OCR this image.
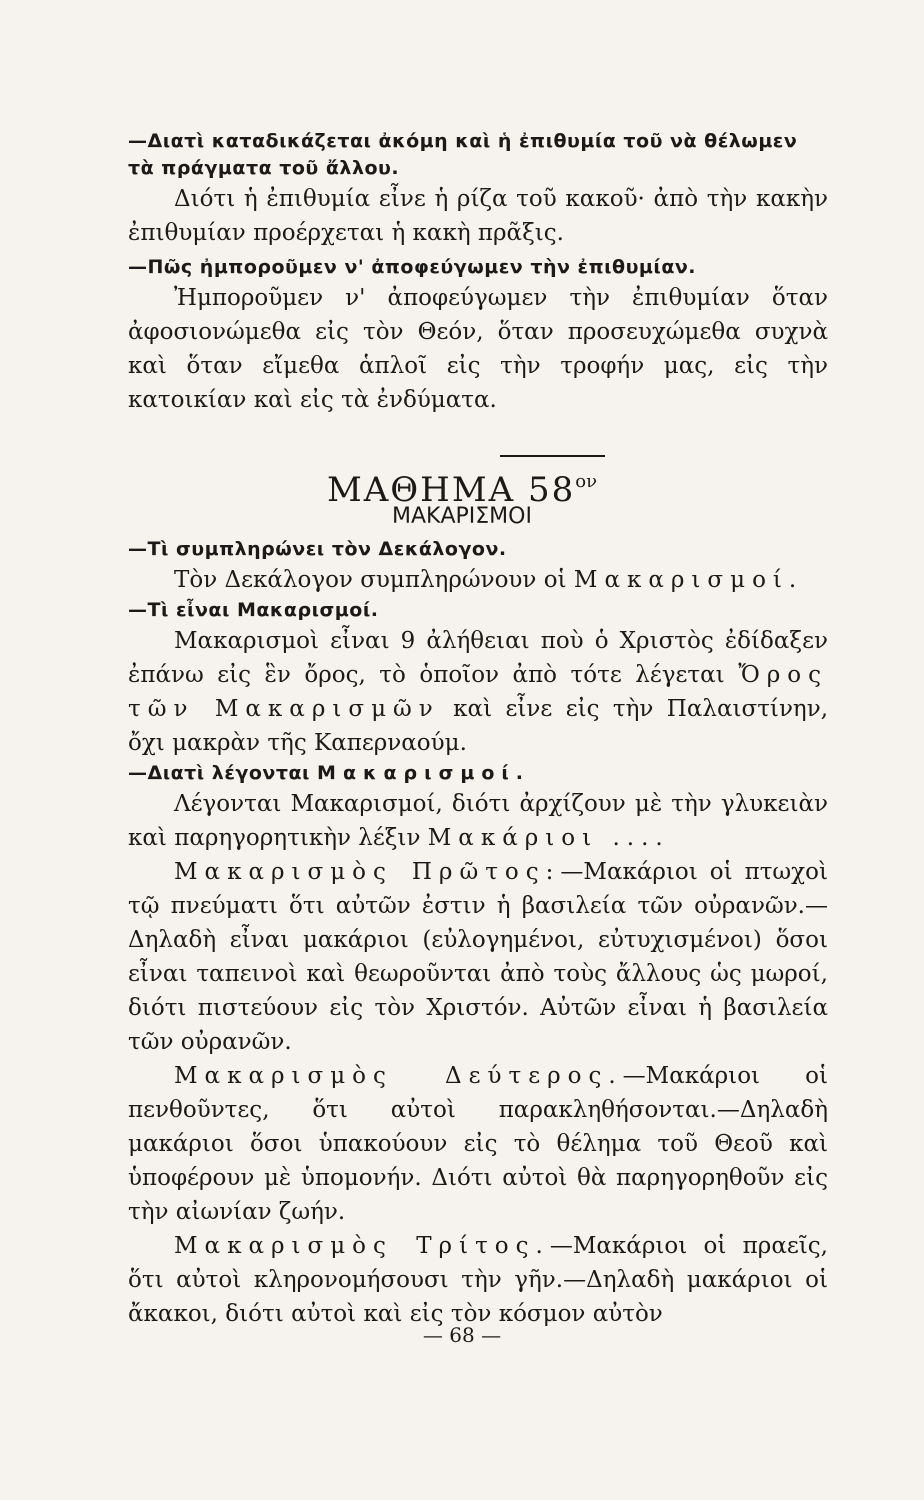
—Διατὶ καταδικάζεται ἀκόμη καὶ ἡ ἐπιθυμία τοῦ νὰ θέλωμεν τὰ πράγματα τοῦ ἄλλου.

Διότι ἡ ἐπιθυμία εἶνε ἡ ρίζα τοῦ κακοῦ· ἀπὸ τὴν κακὴν ἐπιθυμίαν προέρχεται ἡ κακὴ πρᾶξις.

—Πῶς ἠμποροῦμεν ν' ἀποφεύγωμεν τὴν ἐπιθυμίαν.

Ἠμποροῦμεν ν' ἀποφεύγωμεν τὴν ἐπιθυμίαν ὅταν ἀφοσιονώμεθα εἰς τὸν Θεόν, ὅταν προσευχώμεθα συχνὰ καὶ ὅταν εἴμεθα ἁπλοῖ εἰς τὴν τροφήν μας, εἰς τὴν κατοικίαν καὶ εἰς τὰ ἐνδύματα.

ΜΑΘΗΜΑ $58^{o\nu}$
ΜΑΚΑΡΙΣΜΟΙ

—Τὶ συμπληρώνει τὸν Δεκάλογον.

Τὸν Δεκάλογον συμπληρώνουν οἱ Μακαρισμοί.

—Τὶ εἶναι Μακαρισμοί.

Μακαρισμοὶ εἶναι 9 ἀλήθειαι ποὺ ὁ Χριστὸς ἐδίδαξεν ἐπάνω εἰς ἓν ὄρος, τὸ ὁποῖον ἀπὸ τότε λέγεται Ὄρος τῶν Μακαρισμῶν καὶ εἶνε εἰς τὴν Παλαιστίνην, ὄχι μακρὰν τῆς Καπερναούμ.

—Διατὶ λέγονται Μακαρισμοί.

Λέγονται Μακαρισμοί, διότι ἀρχίζουν μὲ τὴν γλυκειὰν καὶ παρηγορητικὴν λέξιν Μακάριοι ....

Μακαρισμὸς Πρῶτος:—Μακάριοι οἱ πτωχοὶ τῷ πνεύματι ὅτι αὐτῶν ἐστιν ἡ βασιλεία τῶν οὐρανῶν.—Δηλαδὴ εἶναι μακάριοι (εὐλογημένοι, εὐτυχισμένοι) ὅσοι εἶναι ταπεινοὶ καὶ θεωροῦνται ἀπὸ τοὺς ἄλλους ὡς μωροί, διότι πιστεύουν εἰς τὸν Χριστόν. Αὐτῶν εἶναι ἡ βασιλεία τῶν οὐρανῶν.

Μακαρισμὸς Δεύτερος.—Μακάριοι οἱ πενθοῦντες, ὅτι αὐτοὶ παρακληθήσονται.—Δηλαδὴ μακάριοι ὅσοι ὑπακούουν εἰς τὸ θέλημα τοῦ Θεοῦ καὶ ὑποφέρουν μὲ ὑπομονήν. Διότι αὐτοὶ θὰ παρηγορηθοῦν εἰς τὴν αἰωνίαν ζωήν.

Μακαρισμὸς Τρίτος.—Μακάριοι οἱ πραεῖς, ὅτι αὐτοὶ κληρονομήσουσι τὴν γῆν.—Δηλαδὴ μακάριοι οἱ ἄκακοι, διότι αὐτοὶ καὶ εἰς τὸν κόσμον αὐτὸν

— 68 —
